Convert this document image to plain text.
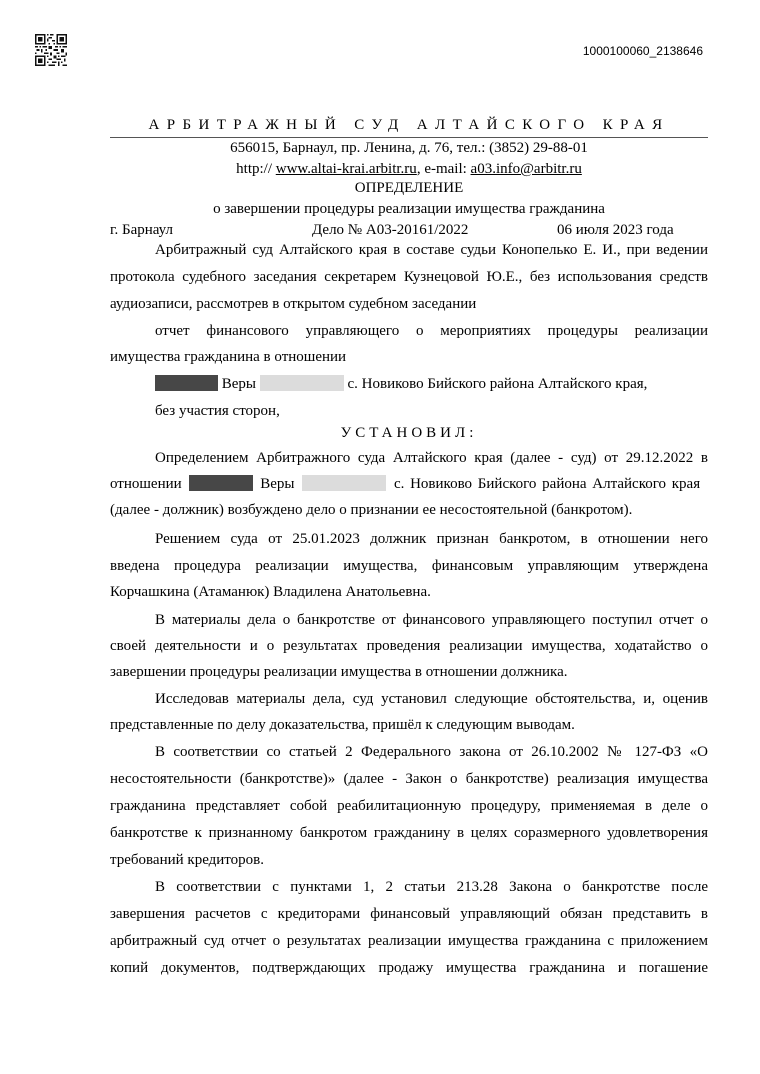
1000100060_2138646
АРБИТРАЖНЫЙ СУД АЛТАЙСКОГО КРАЯ
656015, Барнаул, пр. Ленина, д. 76, тел.: (3852) 29-88-01
http:// www.altai-krai.arbitr.ru, e-mail: a03.info@arbitr.ru
ОПРЕДЕЛЕНИЕ
о завершении процедуры реализации имущества гражданина
г. Барнаул	Дело № А03-20161/2022	06 июля 2023 года
Арбитражный суд Алтайского края в составе судьи Конопелько Е. И., при ведении
протокола судебного заседания секретарем Кузнецовой Ю.Е., без использования средств
аудиозаписи, рассмотрев в открытом судебном заседании
отчет финансового управляющего о мероприятиях процедуры реализации
имущества гражданина в отношении
Веры	с. Новиково Бийского района Алтайского края,
без участия сторон,
УСТАНОВИЛ:
Определением Арбитражного суда Алтайского края (далее - суд) от 29.12.2022 в
отношении	Веры	с. Новиково Бийского района Алтайского края
(далее - должник) возбуждено дело о признании ее несостоятельной (банкротом).
Решением суда от 25.01.2023 должник признан банкротом, в отношении него
введена процедура реализации имущества, финансовым управляющим утверждена
Корчашкина (Атаманюк) Владилена Анатольевна.
В материалы дела о банкротстве от финансового управляющего поступил отчет о
своей деятельности и о результатах проведения реализации имущества, ходатайство о
завершении процедуры реализации имущества в отношении должника.
Исследовав материалы дела, суд установил следующие обстоятельства, и, оценив
представленные по делу доказательства, пришёл к следующим выводам.
В соответствии со статьей 2 Федерального закона от 26.10.2002 № 127-ФЗ «О
несостоятельности (банкротстве)» (далее - Закон о банкротстве) реализация имущества
гражданина представляет собой реабилитационную процедуру, применяемая в деле о
банкротстве к признанному банкротом гражданину в целях соразмерного удовлетворения
требований кредиторов.
В соответствии с пунктами 1, 2 статьи 213.28 Закона о банкротстве после
завершения расчетов с кредиторами финансовый управляющий обязан представить в
арбитражный суд отчет о результатах реализации имущества гражданина с приложением
копий документов, подтверждающих продажу имущества гражданина и погашение
